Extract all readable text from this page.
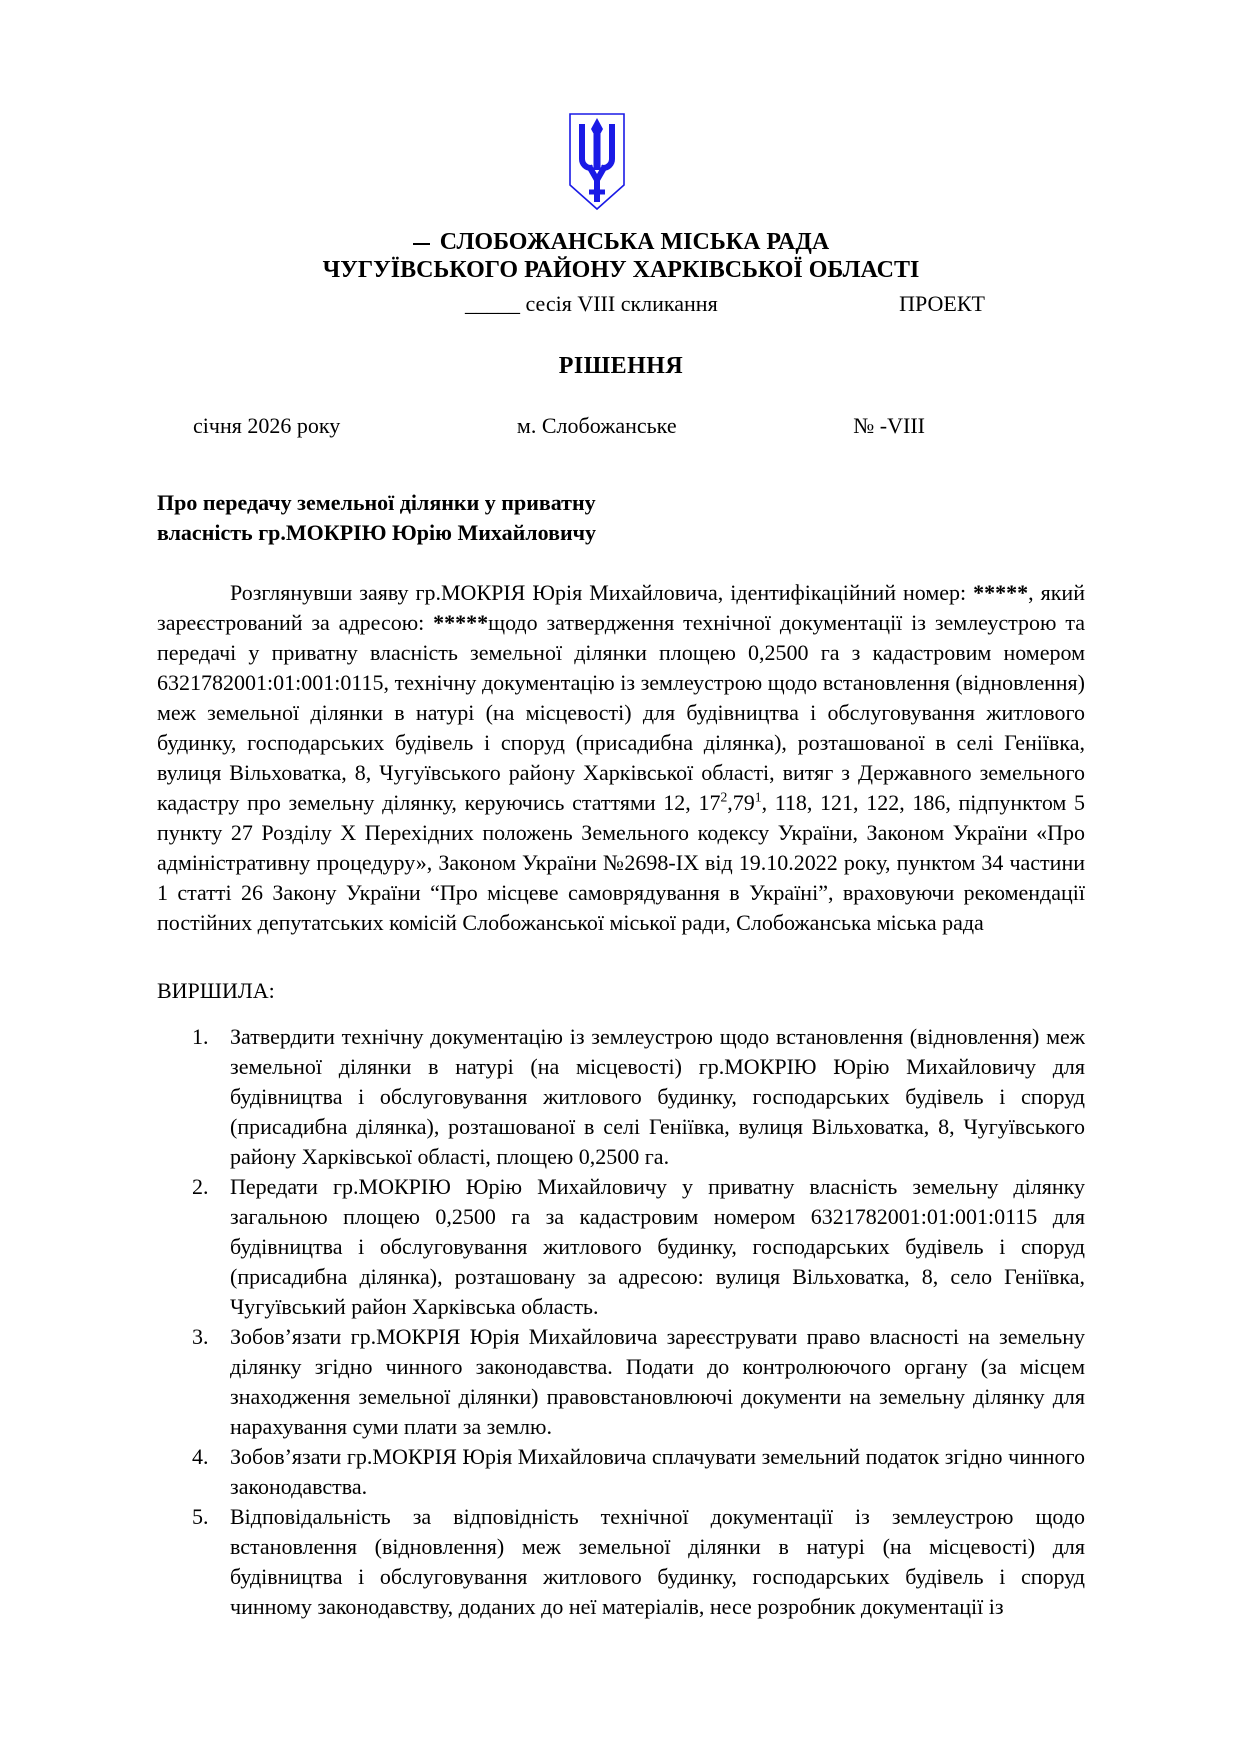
СЛОБОЖАНСЬКА МІСЬКА РАДА
ЧУГУЇВСЬКОГО РАЙОНУ ХАРКІВСЬКОЇ ОБЛАСТІ
_____ сесія VIII скликання	ПРОЕКТ
РІШЕННЯ
січня 2026 року	м. Слобожанське	№ -VIII
Про передачу земельної ділянки у приватну
власність гр.МОКРІЮ Юрію Михайловичу

Розглянувши заяву гр.МОКРІЯ Юрія Михайловича, ідентифікаційний номер: *****, який зареєстрований за адресою: *****щодо затвердження технічної документації із землеустрою та передачі у приватну власність земельної ділянки площею 0,2500 га з кадастровим номером 6321782001:01:001:0115, технічну документацію із землеустрою щодо встановлення (відновлення) меж земельної ділянки в натурі (на місцевості) для будівництва і обслуговування житлового будинку, господарських будівель і споруд (присадибна ділянка), розташованої в селі Геніївка, вулиця Вільховатка, 8, Чугуївського району Харківської області, витяг з Державного земельного кадастру про земельну ділянку, керуючись статтями 12, $17^2,79^1$, 118, 121, 122, 186, підпунктом 5 пункту 27 Розділу X Перехідних положень Земельного кодексу України, Законом України «Про адміністративну процедуру», Законом України №2698-IX від 19.10.2022 року, пунктом 34 частини 1 статті 26 Закону України “Про місцеве самоврядування в Україні”, враховуючи рекомендації постійних депутатських комісій Слобожанської міської ради, Слобожанська міська рада

ВИРШИЛА:
1. Затвердити технічну документацію із землеустрою щодо встановлення (відновлення) меж земельної ділянки в натурі (на місцевості) гр.МОКРІЮ Юрію Михайловичу для будівництва і обслуговування житлового будинку, господарських будівель і споруд (присадибна ділянка), розташованої в селі Геніївка, вулиця Вільховатка, 8, Чугуївського району Харківської області, площею 0,2500 га.
2. Передати гр.МОКРІЮ Юрію Михайловичу у приватну власність земельну ділянку загальною площею 0,2500 га за кадастровим номером 6321782001:01:001:0115 для будівництва і обслуговування житлового будинку, господарських будівель і споруд (присадибна ділянка), розташовану за адресою: вулиця Вільховатка, 8, село Геніївка, Чугуївський район Харківська область.
3. Зобов’язати гр.МОКРІЯ Юрія Михайловича зареєструвати право власності на земельну ділянку згідно чинного законодавства. Подати до контролюючого органу (за місцем знаходження земельної ділянки) правовстановлюючі документи на земельну ділянку для нарахування суми плати за землю.
4. Зобов’язати гр.МОКРІЯ Юрія Михайловича сплачувати земельний податок згідно чинного законодавства.
5. Відповідальність за відповідність технічної документації із землеустрою щодо встановлення (відновлення) меж земельної ділянки в натурі (на місцевості) для будівництва і обслуговування житлового будинку, господарських будівель і споруд чинному законодавству, доданих до неї матеріалів, несе розробник документації із
